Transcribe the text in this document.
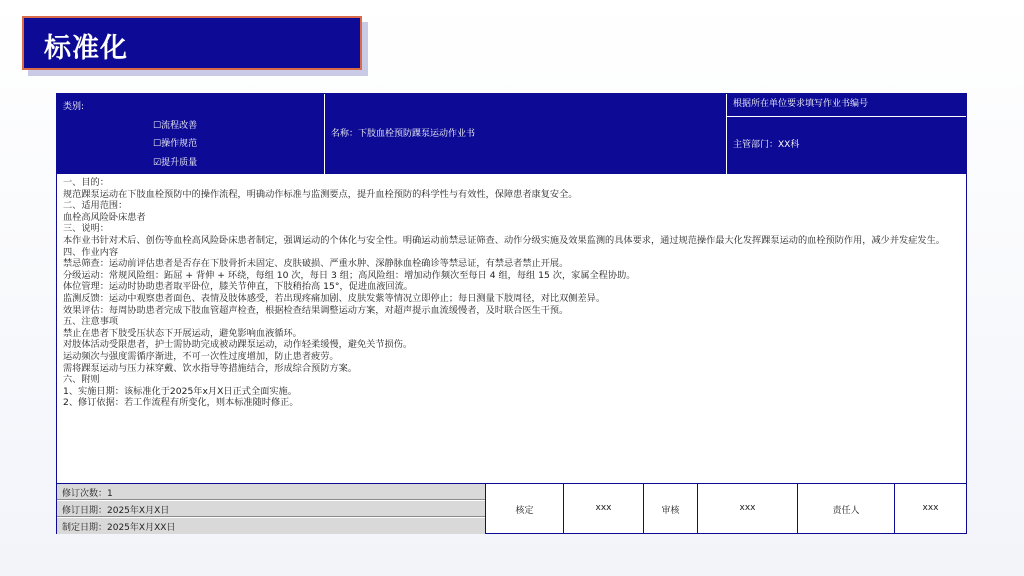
标准化
类别:
☐流程改善
☐操作规范
☑提升质量
名称：下肢血栓预防踝泵运动作业书
根据所在单位要求填写作业书编号
主管部门：XX科
一、目的：
规范踝泵运动在下肢血栓预防中的操作流程，明确动作标准与监测要点，提升血栓预防的科学性与有效性，保障患者康复安全。
二、适用范围：
血栓高风险卧床患者
三、说明：
本作业书针对术后、创伤等血栓高风险卧床患者制定，强调运动的个体化与安全性。明确运动前禁忌证筛查、动作分级实施及效果监测的具体要求，通过规范操作最大化发挥踝泵运动的血栓预防作用，减少并发症发生。
四、作业内容
禁忌筛查：运动前评估患者是否存在下肢骨折未固定、皮肤破损、严重水肿、深静脉血栓确诊等禁忌证，有禁忌者禁止开展。
分级运动：常规风险组：跖屈 + 背伸 + 环绕，每组 10 次，每日 3 组；高风险组：增加动作频次至每日 4 组，每组 15 次，家属全程协助。
体位管理：运动时协助患者取平卧位，膝关节伸直，下肢稍抬高 15°，促进血液回流。
监测反馈：运动中观察患者面色、表情及肢体感受，若出现疼痛加剧、皮肤发紫等情况立即停止；每日测量下肢周径，对比双侧差异。
效果评估：每周协助患者完成下肢血管超声检查，根据检查结果调整运动方案，对超声提示血流缓慢者，及时联合医生干预。
五、注意事项
禁止在患者下肢受压状态下开展运动，避免影响血液循环。
对肢体活动受限患者，护士需协助完成被动踝泵运动，动作轻柔缓慢，避免关节损伤。
运动频次与强度需循序渐进，不可一次性过度增加，防止患者疲劳。
需将踝泵运动与压力袜穿戴、饮水指导等措施结合，形成综合预防方案。
六、附则
1、实施日期：该标准化于2025年x月X日正式全面实施。
2、修订依据：若工作流程有所变化，则本标准随时修正。
修订次数：1
修订日期：2025年X月X日
制定日期：2025年X月XX日
核定	xxx	审核	xxx	责任人	xxx
